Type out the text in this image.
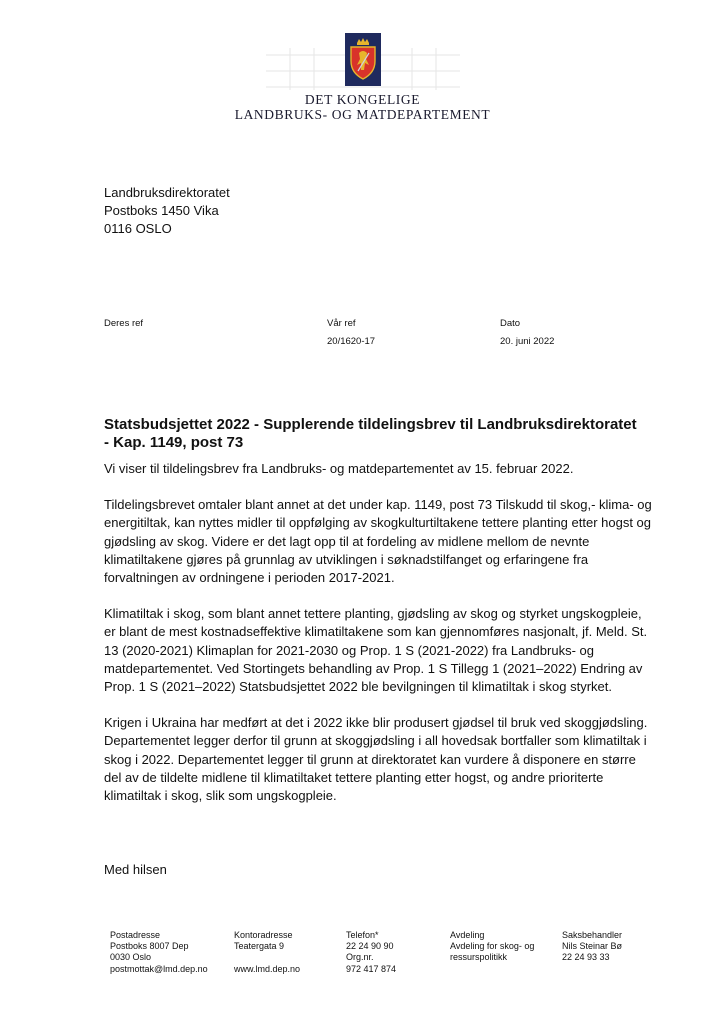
DET KONGELIGE
LANDBRUKS- OG MATDEPARTEMENT
Landbruksdirektoratet
Postboks 1450 Vika
0116 OSLO
Deres ref	Vår ref
20/1620-17
Dato
20. juni 2022
Statsbudsjettet 2022 - Supplerende tildelingsbrev til Landbruksdirektoratet - Kap. 1149, post 73

Vi viser til tildelingsbrev fra Landbruks- og matdepartementet av 15. februar 2022.

Tildelingsbrevet omtaler blant annet at det under kap. 1149, post 73 Tilskudd til skog,- klima- og energitiltak, kan nyttes midler til oppfølging av skogkulturtiltakene tettere planting etter hogst og gjødsling av skog. Videre er det lagt opp til at fordeling av midlene mellom de nevnte klimatiltakene gjøres på grunnlag av utviklingen i søknadstilfanget og erfaringene fra forvaltningen av ordningene i perioden 2017-2021.

Klimatiltak i skog, som blant annet tettere planting, gjødsling av skog og styrket ungskogpleie, er blant de mest kostnadseffektive klimatiltakene som kan gjennomføres nasjonalt, jf. Meld. St. 13 (2020-2021) Klimaplan for 2021-2030 og Prop. 1 S (2021-2022) fra Landbruks- og matdepartementet. Ved Stortingets behandling av Prop. 1 S Tillegg 1 (2021–2022) Endring av Prop. 1 S (2021–2022) Statsbudsjettet 2022 ble bevilgningen til klimatiltak i skog styrket.

Krigen i Ukraina har medført at det i 2022 ikke blir produsert gjødsel til bruk ved skoggjødsling. Departementet legger derfor til grunn at skoggjødsling i all hovedsak bortfaller som klimatiltak i skog i 2022. Departementet legger til grunn at direktoratet kan vurdere å disponere en større del av de tildelte midlene til klimatiltaket tettere planting etter hogst, og andre prioriterte klimatiltak i skog, slik som ungskogpleie.

Med hilsen
Postadresse
Postboks 8007 Dep
0030 Oslo
postmottak@lmd.dep.no
Kontoradresse
Teatergata 9

www.lmd.dep.no
Telefon*
22 24 90 90
Org.nr.
972 417 874
Avdeling
Avdeling for skog- og
ressurspolitikk
Saksbehandler
Nils Steinar Bø
22 24 93 33
